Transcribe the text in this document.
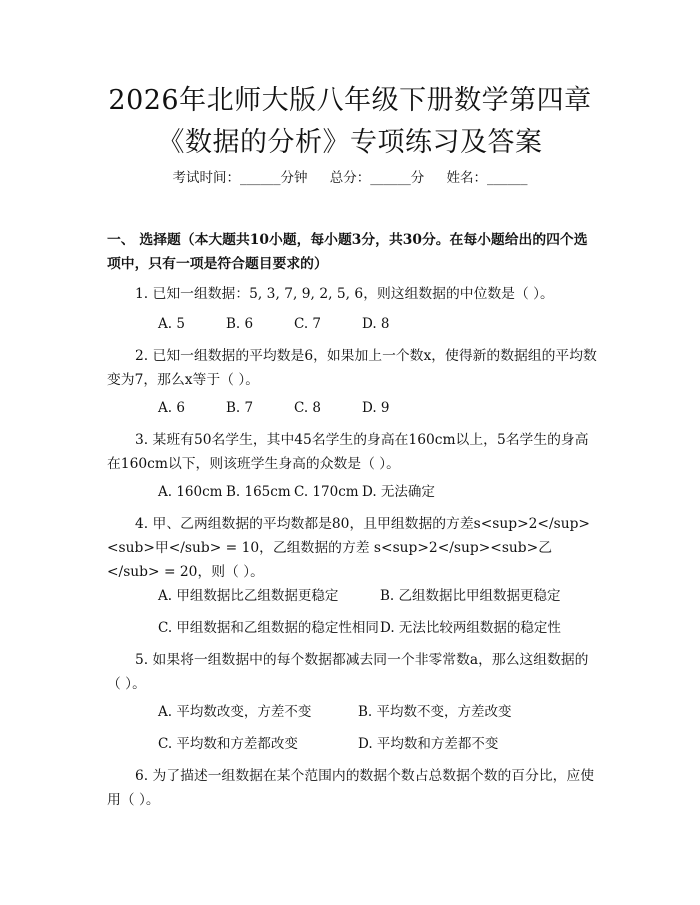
2026年北师大版八年级下册数学第四章《数据的分析》专项练习及答案
考试时间：______分钟 总分：______分 姓名：______
一、 选择题（本大题共10小题，每小题3分，共30分。在每小题给出的四个选项中，只有一项是符合题目要求的）
1. 已知一组数据：5, 3, 7, 9, 2, 5, 6，则这组数据的中位数是（ ）。
A. 5	B. 6	C. 7	D. 8
2. 已知一组数据的平均数是6，如果加上一个数x，使得新的数据组的平均数变为7，那么x等于（ ）。
A. 6	B. 7	C. 8	D. 9
3. 某班有50名学生，其中45名学生的身高在160cm以上，5名学生的身高在160cm以下，则该班学生身高的众数是（ ）。
A. 160cm B. 165cm C. 170cm D. 无法确定
4. 甲、乙两组数据的平均数都是80，且甲组数据的方差s<sup>2</sup><sub>甲</sub> = 10，乙组数据的方差 s<sup>2</sup><sub>乙</sub> = 20，则（ ）。
A. 甲组数据比乙组数据更稳定	B. 乙组数据比甲组数据更稳定
C. 甲组数据和乙组数据的稳定性相同D. 无法比较两组数据的稳定性
5. 如果将一组数据中的每个数据都减去同一个非零常数a，那么这组数据的（ ）。
A. 平均数改变，方差不变	B. 平均数不变，方差改变
C. 平均数和方差都改变	D. 平均数和方差都不变
6. 为了描述一组数据在某个范围内的数据个数占总数据个数的百分比，应使用（ ）。
